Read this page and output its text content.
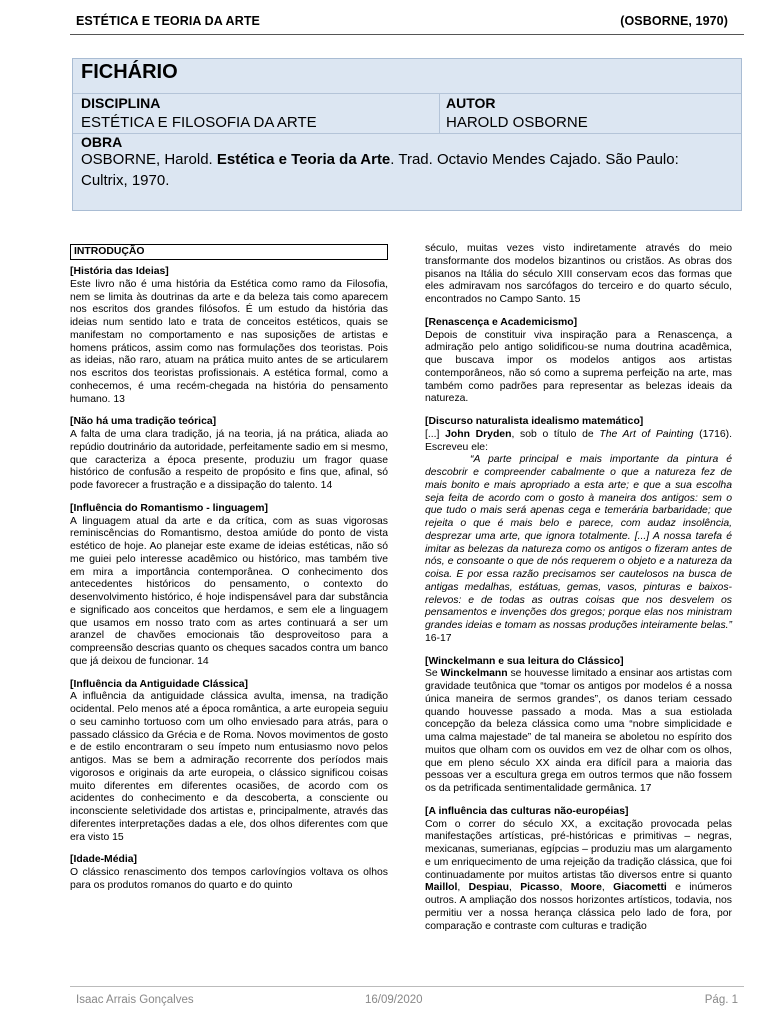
ESTÉTICA E TEORIA DA ARTE	(OSBORNE, 1970)
FICHÁRIO
DISCIPLINA
ESTÉTICA E FILOSOFIA DA ARTE
AUTOR
HAROLD OSBORNE
OBRA
OSBORNE, Harold. Estética e Teoria da Arte. Trad. Octavio Mendes Cajado. São Paulo: Cultrix, 1970.
INTRODUÇÃO

[História das Ideias]

Este livro não é uma história da Estética como ramo da Filosofia, nem se limita às doutrinas da arte e da beleza tais como aparecem nos escritos dos grandes filósofos. É um estudo da história das ideias num sentido lato e trata de conceitos estéticos, quais se manifestam no comportamento e nas suposições de artistas e homens práticos, assim como nas formulações dos teoristas. Pois as ideias, não raro, atuam na prática muito antes de se articularem nos escritos dos teoristas profissionais. A estética formal, como a conhecemos, é uma recém-chegada na história do pensamento humano. 13

[Não há uma tradição teórica]

A falta de uma clara tradição, já na teoria, já na prática, aliada ao repúdio doutrinário da autoridade, perfeitamente sadio em si mesmo, que caracteriza a época presente, produziu um fragor quase histórico de confusão a respeito de propósito e fins que, afinal, só pode favorecer a frustração e a dissipação do talento. 14

[Influência do Romantismo - linguagem]

A linguagem atual da arte e da crítica, com as suas vigorosas reminiscências do Romantismo, destoa amiúde do ponto de vista estético de hoje. Ao planejar este exame de ideias estéticas, não só me guiei pelo interesse acadêmico ou histórico, mas também tive em mira a importância contemporânea. O conhecimento dos antecedentes históricos do pensamento, o contexto do desenvolvimento histórico, é hoje indispensável para dar substância e significado aos conceitos que herdamos, e sem ele a linguagem que usamos em nosso trato com as artes continuará a ser um aranzel de chavões emocionais tão desproveitoso para a compreensão descrias quanto os cheques sacados contra um banco que já deixou de funcionar. 14

[Influência da Antiguidade Clássica]

A influência da antiguidade clássica avulta, imensa, na tradição ocidental. Pelo menos até a época romântica, a arte europeia seguiu o seu caminho tortuoso com um olho enviesado para atrás, para o passado clássico da Grécia e de Roma. Novos movimentos de gosto e de estilo encontraram o seu ímpeto num entusiasmo novo pelos antigos. Mas se bem a admiração recorrente dos períodos mais vigorosos e originais da arte europeia, o clássico significou coisas muito diferentes em diferentes ocasiões, de acordo com os acidentes do conhecimento e da descoberta, a consciente ou inconsciente seletividade dos artistas e, principalmente, através das diferentes interpretações dadas a ele, dos olhos diferentes com que era visto 15

[Idade-Média]

O clássico renascimento dos tempos carlovíngios voltava os olhos para os produtos romanos do quarto e do quinto

século, muitas vezes visto indiretamente através do meio transformante dos modelos bizantinos ou cristãos. As obras dos pisanos na Itália do século XIII conservam ecos das formas que eles admiravam nos sarcófagos do terceiro e do quarto século, encontrados no Campo Santo. 15

[Renascença e Academicismo]

Depois de constituir viva inspiração para a Renascença, a admiração pelo antigo solidificou-se numa doutrina acadêmica, que buscava impor os modelos antigos aos artistas contemporâneos, não só como a suprema perfeição na arte, mas também como padrões para representar as belezas ideais da natureza.

[Discurso naturalista idealismo matemático]

[...] John Dryden, sob o título de The Art of Painting (1716). Escreveu ele:

“A parte principal e mais importante da pintura é descobrir e compreender cabalmente o que a natureza fez de mais bonito e mais apropriado a esta arte; e que a sua escolha seja feita de acordo com o gosto à maneira dos antigos: sem o que tudo o mais será apenas cega e temerária barbaridade; que rejeita o que é mais belo e parece, com audaz insolência, desprezar uma arte, que ignora totalmente. [...] A nossa tarefa é imitar as belezas da natureza como os antigos o fizeram antes de nós, e consoante o que de nós requerem o objeto e a natureza da coisa. E por essa razão precisamos ser cautelosos na busca de antigas medalhas, estátuas, gemas, vasos, pinturas e baixos-relevos: e de todas as outras coisas que nos desvelem os pensamentos e invenções dos gregos; porque elas nos ministram grandes ideias e tomam as nossas produções inteiramente belas.” 16-17

[Winckelmann e sua leitura do Clássico]

Se Winckelmann se houvesse limitado a ensinar aos artistas com gravidade teutônica que “tomar os antigos por modelos é a nossa única maneira de sermos grandes”, os danos teriam cessado quando houvesse passado a moda. Mas a sua estiolada concepção da beleza clássica como uma “nobre simplicidade e uma calma majestade” de tal maneira se aboletou no espírito dos muitos que olham com os ouvidos em vez de olhar com os olhos, que em pleno século XX ainda era difícil para a maioria das pessoas ver a escultura grega em outros termos que não fossem os da petrificada sentimentalidade germânica. 17

[A influência das culturas não-européias]

Com o correr do século XX, a excitação provocada pelas manifestações artísticas, pré-históricas e primitivas – negras, mexicanas, sumerianas, egípcias – produziu mas um alargamento e um enriquecimento de uma rejeição da tradição clássica, que foi continuadamente por muitos artistas tão diversos entre si quanto Maillol, Despiau, Picasso, Moore, Giacometti e inúmeros outros. A ampliação dos nossos horizontes artísticos, todavia, nos permitiu ver a nossa herança clássica pelo lado de fora, por comparação e contraste com culturas e tradição

Isaac Arrais Gonçalves	16/09/2020	Pág. 1
